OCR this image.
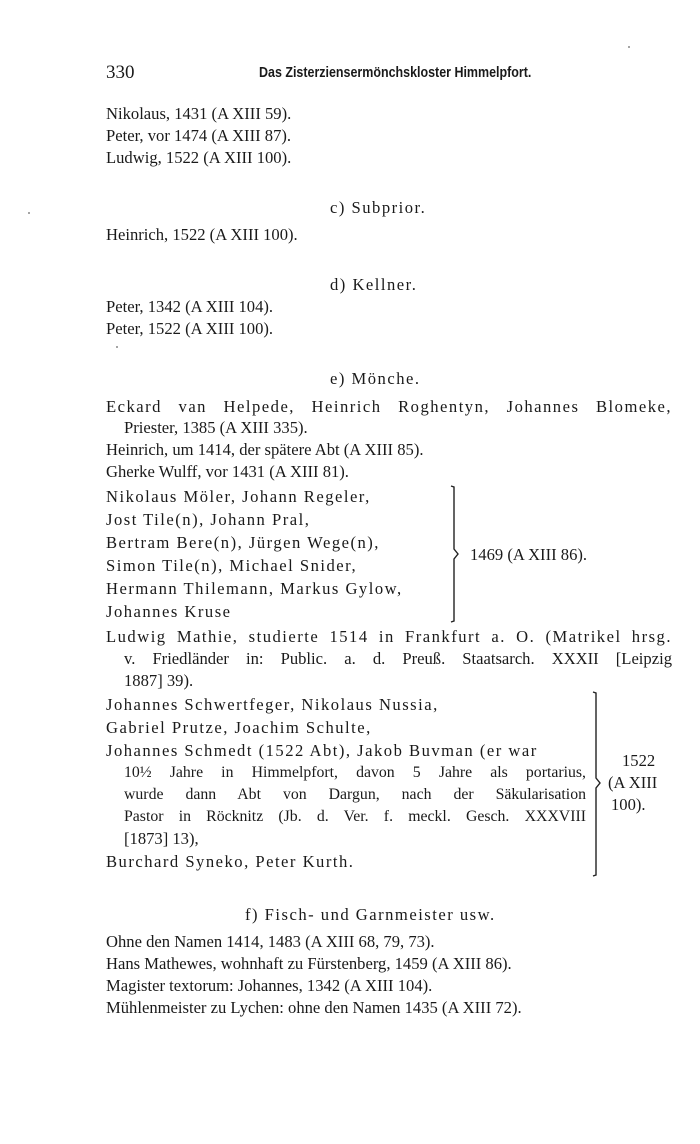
330	Das Zisterziensermönchskloster Himmelpfort.
Nikolaus, 1431 (A XIII 59).
Peter, vor 1474 (A XIII 87).
Ludwig, 1522 (A XIII 100).
c) Subprior.
Heinrich, 1522 (A XIII 100).
d) Kellner.
Peter, 1342 (A XIII 104).
Peter, 1522 (A XIII 100).
e) Mönche.
Eckard van Helpede, Heinrich Roghentyn, Johannes Blomeke,
Priester, 1385 (A XIII 335).
Heinrich, um 1414, der spätere Abt (A XIII 85).
Gherke Wulff, vor 1431 (A XIII 81).
Nikolaus Möler, Johann Regeler,
Jost Tile(n), Johann Pral,
Bertram Bere(n), Jürgen Wege(n),
Simon Tile(n), Michael Snider,
Hermann Thilemann, Markus Gylow,
Johannes Kruse
1469 (A XIII 86).
Ludwig Mathie, studierte 1514 in Frankfurt a. O. (Matrikel hrsg.
v. Friedländer in: Public. a. d. Preuß. Staatsarch. XXXII [Leipzig
1887] 39).
Johannes Schwertfeger, Nikolaus Nussia,
Gabriel Prutze, Joachim Schulte,
Johannes Schmedt (1522 Abt), Jakob Buvman (er war
10½ Jahre in Himmelpfort, davon 5 Jahre als portarius,
wurde dann Abt von Dargun, nach der Säkularisation
Pastor in Röcknitz (Jb. d. Ver. f. meckl. Gesch. XXXVIII
[1873] 13),
Burchard Syneko, Peter Kurth.
1522
(A XIII
100).
f) Fisch- und Garnmeister usw.
Ohne den Namen 1414, 1483 (A XIII 68, 79, 73).
Hans Mathewes, wohnhaft zu Fürstenberg, 1459 (A XIII 86).
Magister textorum: Johannes, 1342 (A XIII 104).
Mühlenmeister zu Lychen: ohne den Namen 1435 (A XIII 72).
